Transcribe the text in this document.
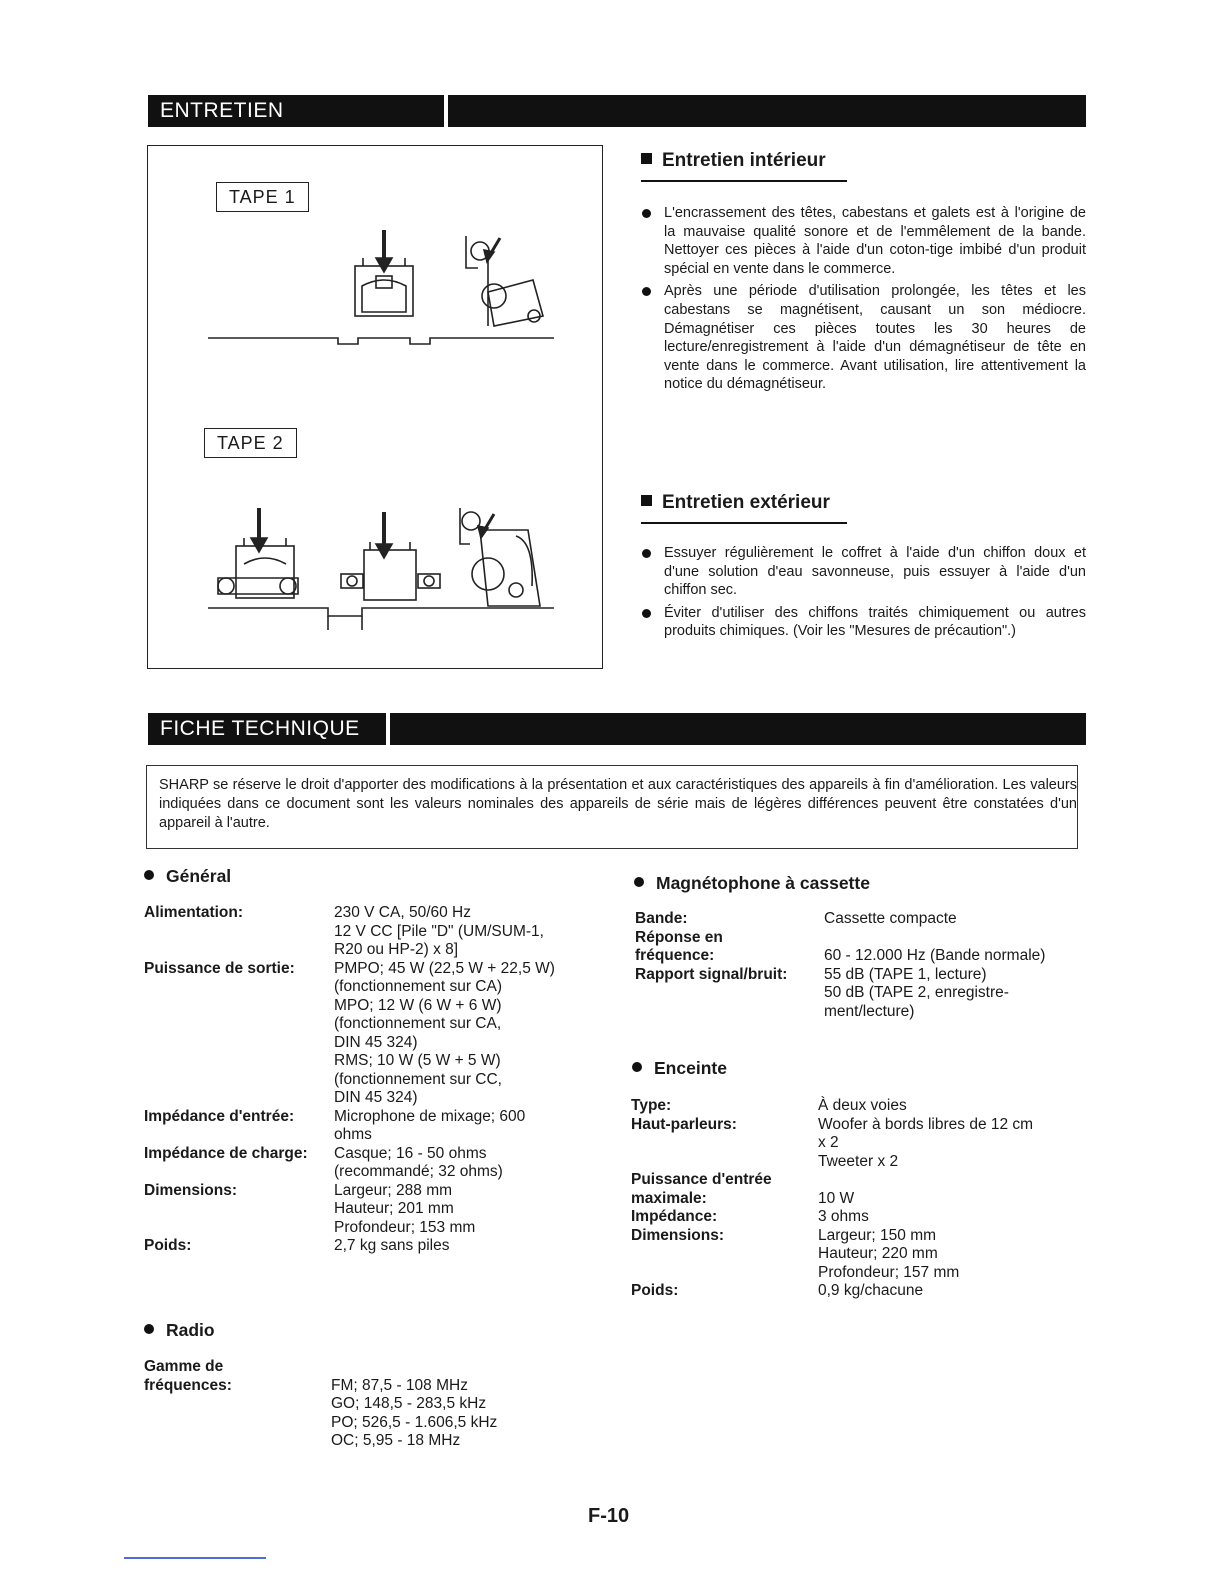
ENTRETIEN
TAPE 1
TAPE 2
Entretien intérieur
L'encrassement des têtes, cabestans et galets est à l'origine de la mauvaise qualité sonore et de l'emmêlement de la bande. Nettoyer ces pièces à l'aide d'un coton-tige imbibé d'un produit spécial en vente dans le commerce.
Après une période d'utilisation prolongée, les têtes et les cabestans se magnétisent, causant un son médiocre. Démagnétiser ces pièces toutes les 30 heures de lecture/enregistrement à l'aide d'un démagnétiseur de tête en vente dans le commerce. Avant utilisation, lire attentivement la notice du démagnétiseur.
Entretien extérieur
Essuyer régulièrement le coffret à l'aide d'un chiffon doux et d'une solution d'eau savonneuse, puis essuyer à l'aide d'un chiffon sec.
Éviter d'utiliser des chiffons traités chimiquement ou autres produits chimiques. (Voir les "Mesures de précaution".)
FICHE TECHNIQUE
SHARP se réserve le droit d'apporter des modifications à la présentation et aux caractéristiques des appareils à fin d'amélioration. Les valeurs indiquées dans ce document sont les valeurs nominales des appareils de série mais de légères différences peuvent être constatées d'un appareil à l'autre.
Général
Alimentation:	230 V CA, 50/60 Hz
12 V CC [Pile "D" (UM/SUM-1,
R20 ou HP-2) x 8]
Puissance de sortie:	PMPO; 45 W (22,5 W + 22,5 W)
(fonctionnement sur CA)
MPO; 12 W (6 W + 6 W)
(fonctionnement sur CA,
DIN 45 324)
RMS; 10 W (5 W + 5 W)
(fonctionnement sur CC,
DIN 45 324)
Impédance d'entrée:	Microphone de mixage; 600
ohms
Impédance de charge:	Casque; 16 - 50 ohms
(recommandé; 32 ohms)
Dimensions:	Largeur; 288 mm
Hauteur; 201 mm
Profondeur; 153 mm
Poids:	2,7 kg sans piles
Radio
Gamme de
fréquences:	FM; 87,5 - 108 MHz
GO; 148,5 - 283,5 kHz
PO; 526,5 - 1.606,5 kHz
OC; 5,95 - 18 MHz
Magnétophone à cassette
Bande:	Cassette compacte
Réponse en
fréquence:	60 - 12.000 Hz (Bande normale)
Rapport signal/bruit:	55 dB (TAPE 1, lecture)
50 dB (TAPE 2, enregistre-
ment/lecture)
Enceinte
Type:	À deux voies
Haut-parleurs:	Woofer à bords libres de 12 cm
x 2
Tweeter x 2
Puissance d'entrée
maximale:	10 W
Impédance:	3 ohms
Dimensions:	Largeur; 150 mm
Hauteur; 220 mm
Profondeur; 157 mm
Poids:	0,9 kg/chacune
F-10
